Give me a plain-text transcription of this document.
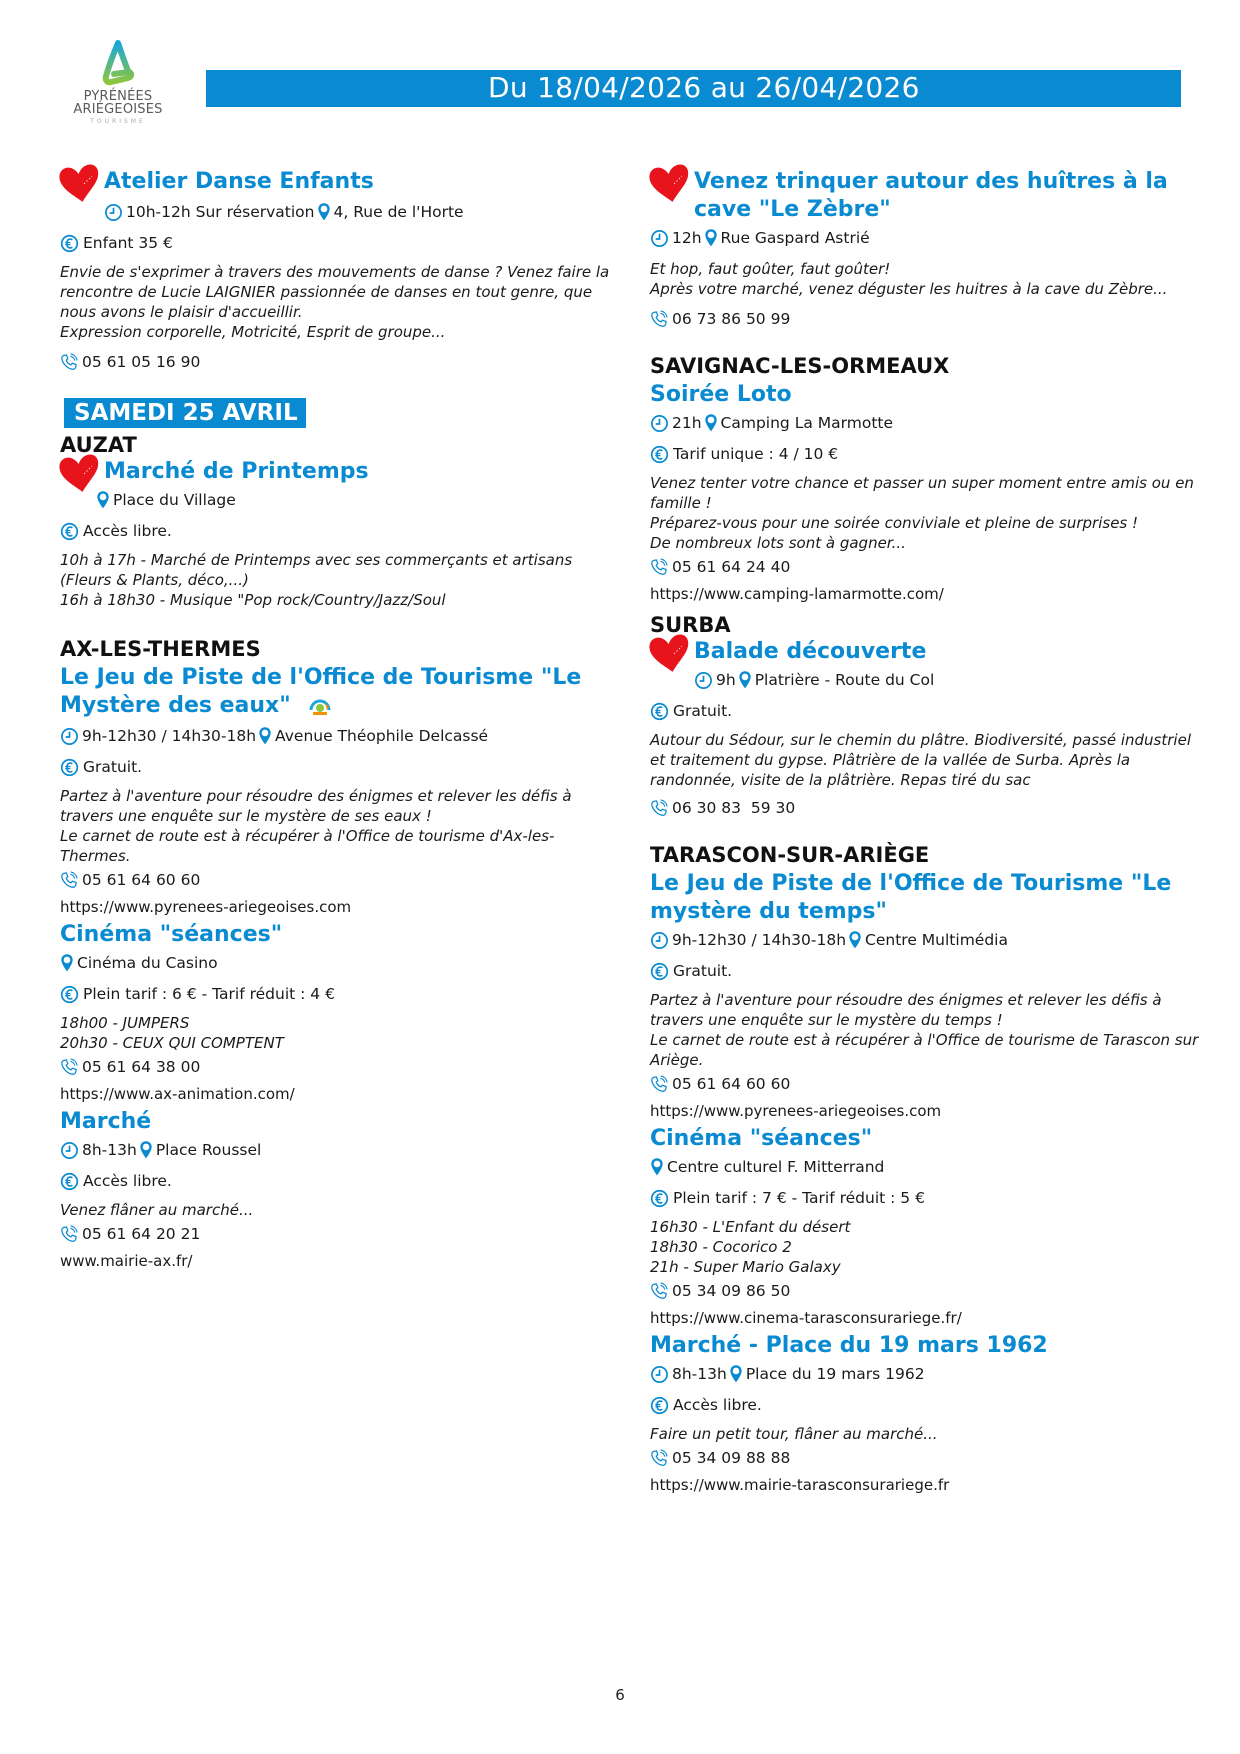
PYRÉNÉES
ARIÉGEOISES
TOURISME
Du 18/04/2026 au 26/04/2026
Atelier Danse Enfants
10h-12h Sur réservation 4, Rue de l'Horte
Enfant 35 €
Envie de s'exprimer à travers des mouvements de danse ? Venez faire la rencontre de Lucie LAIGNIER passionnée de danses en tout genre, que nous avons le plaisir d'accueillir.
Expression corporelle, Motricité, Esprit de groupe...
05 61 05 16 90
SAMEDI 25 AVRIL
AUZAT
Marché de Printemps
Place du Village
Accès libre.
10h à 17h - Marché de Printemps avec ses commerçants et artisans (Fleurs & Plants, déco,...)
16h à 18h30 - Musique "Pop rock/Country/Jazz/Soul
AX-LES-THERMES
Le Jeu de Piste de l'Office de Tourisme "Le Mystère des eaux"
9h-12h30 / 14h30-18h Avenue Théophile Delcassé
Gratuit.
Partez à l'aventure pour résoudre des énigmes et relever les défis à travers une enquête sur le mystère de ses eaux !
Le carnet de route est à récupérer à l'Office de tourisme d'Ax-les-Thermes.
05 61 64 60 60
https://www.pyrenees-ariegeoises.com
Cinéma "séances"
Cinéma du Casino
Plein tarif : 6 € - Tarif réduit : 4 €
18h00 - JUMPERS
20h30 - CEUX QUI COMPTENT
05 61 64 38 00
https://www.ax-animation.com/
Marché
8h-13h Place Roussel
Accès libre.
Venez flâner au marché...
05 61 64 20 21
www.mairie-ax.fr/
Venez trinquer autour des huîtres à la cave "Le Zèbre"
12h Rue Gaspard Astrié
Et hop, faut goûter, faut goûter!
Après votre marché, venez déguster les huitres à la cave du Zèbre...
06 73 86 50 99
SAVIGNAC-LES-ORMEAUX
Soirée Loto
21h Camping La Marmotte
Tarif unique : 4 / 10 €
Venez tenter votre chance et passer un super moment entre amis ou en famille !
Préparez-vous pour une soirée conviviale et pleine de surprises !
De nombreux lots sont à gagner...
05 61 64 24 40
https://www.camping-lamarmotte.com/
SURBA
Balade découverte
9h Platrière - Route du Col
Gratuit.
Autour du Sédour, sur le chemin du plâtre. Biodiversité, passé industriel et traitement du gypse. Plâtrière de la vallée de Surba. Après la randonnée, visite de la plâtrière. Repas tiré du sac
06 30 83  59 30
TARASCON-SUR-ARIÈGE
Le Jeu de Piste de l'Office de Tourisme "Le mystère du temps"
9h-12h30 / 14h30-18h Centre Multimédia
Gratuit.
Partez à l'aventure pour résoudre des énigmes et relever les défis à travers une enquête sur le mystère du temps !
Le carnet de route est à récupérer à l'Office de tourisme de Tarascon sur Ariège.
05 61 64 60 60
https://www.pyrenees-ariegeoises.com
Cinéma "séances"
Centre culturel F. Mitterrand
Plein tarif : 7 € - Tarif réduit : 5 €
16h30 - L'Enfant du désert
18h30 - Cocorico 2
21h - Super Mario Galaxy
05 34 09 86 50
https://www.cinema-tarasconsurariege.fr/
Marché - Place du 19 mars 1962
8h-13h Place du 19 mars 1962
Accès libre.
Faire un petit tour, flâner au marché...
05 34 09 88 88
https://www.mairie-tarasconsurariege.fr
6
